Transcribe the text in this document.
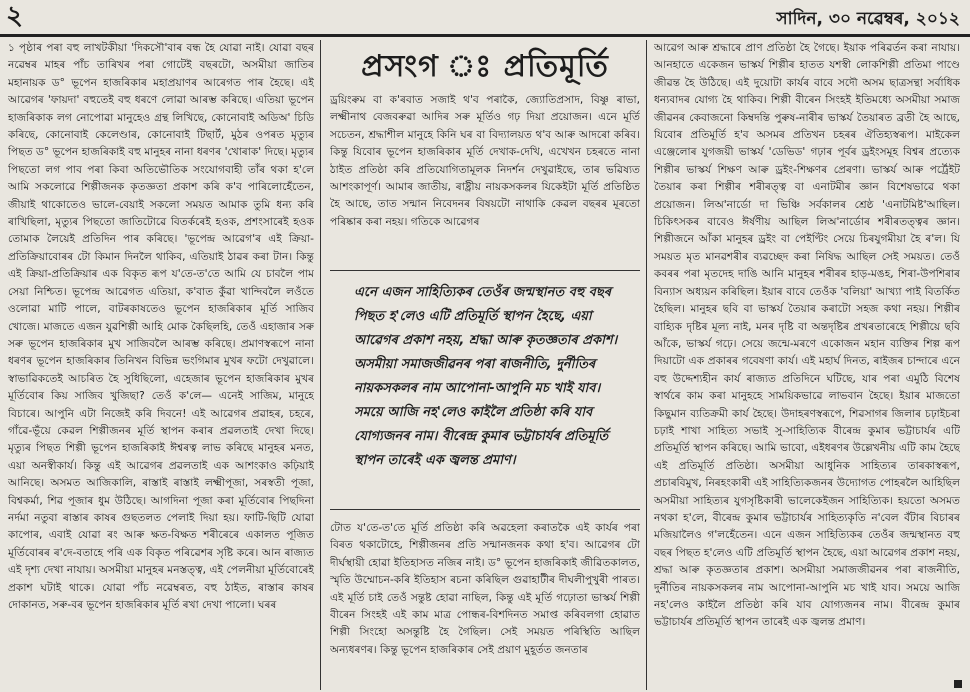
২	সাদিন, ৩০ নৱেম্বৰ, ২০১২

১ পৃষ্ঠাৰ পৰা বহু লাখটকীয়া 'দিকসৌ'বাৰ বন্ধ হৈ যোৱা নাই। যোৱা বছৰ নৱেম্বৰ মাহৰ পাঁচ তাৰিখৰ পৰা গোটেই বছৰটো, অসমীয়া জাতিৰ মহানায়ক ড° ভূপেন হাজৰিকাৰ মহাপ্ৰয়াণৰ আৰেগত পাৰ হৈছে। এই আৱেগৰ 'ফায়দা' বহুতেই বহু ধৰণে লোৱা আৰম্ভ কৰিছে। এতিয়া ভূপেন হাজৰিকাক লগ নোপোৱা মানুহেও গ্ৰন্থ লিখিছে, কোনোবাই অডিঅ' চিডি কৰিছে, কোনোবাই কেলেণ্ডাৰ, কোনোবাই টিছাৰ্ট, মুঠৰ ওপৰত মৃত্যুৰ পিছত ড° ভূপেন হাজৰিকাই বহু মানুহৰ নানা ধৰণৰ 'খোৰাক' দিছে। মৃত্যুৰ পিছতো লগ পাব পৰা কিবা অতিভৌতিক সংযোগবাহী তাঁৰ থকা হ'লে আমি সকলোৱে শিল্পীজনক কৃতজ্ঞতা প্ৰকাশ কৰি ক'ব পাৰিলোহেঁতেন, জীয়াই থাকোতেও ভালে-বেয়াই সকলো সময়ত আমাক তুমি ধন্য কৰি ৰাখিছিলা, মৃত্যুৰ পিছতো জাতিটোৱে বিতৰ্কৰেই হওক, প্ৰশংসাৰেই হওক তোমাক লৈয়েই প্ৰতিদিন পাৰ কৰিছে। 'ভূপেন্দ্ৰ আৱেগ'ৰ এই ক্ৰিয়া-প্ৰতিক্ৰিয়াবোৰৰ টো কিমান দিনলৈ থাকিব, এতিয়াই ঠাৱৰ কৰা টান। কিন্তু এই ক্ৰিয়া-প্ৰতিক্ৰিয়াৰ এক বিকৃত ৰূপ য'তে-ত'তে আমি যে চাবলৈ পাম সেয়া নিশ্চিত। ভূপেন্দ্ৰ আৱেগত এতিয়া, ক'বাত কুঁৱা খান্দিবলৈ লওঁতে ওলোৱা মাটি পালে, বাটৰকাষতেও ভূপেন হাজৰিকাৰ মূৰ্তি সাজিব খোজে। মাজতে এজন যুৱশিল্পী আহি মোক কৈছিলহি, তেওঁ এহাজাৰ সৰু সৰু ভূপেন হাজৰিকাৰ মুখ সাজিবলৈ আৰম্ভ কৰিছে। প্ৰমাণস্বৰূপে নানা ধৰণৰ ভূপেন হাজৰিকাৰ তিনিখন বিভিন্ন ভংগিমাৰ মুখৰ ফটো দেখুৱালে। স্বাভাৱিকতেই আচৰিত হৈ সুধিছিলো, এহেজাৰ ভূপেন হাজৰিকাৰ মুখৰ মূৰ্তিবোৰ কিয় সাজিব খুজিছা? তেওঁ ক'লে— এনেই সাজিম, মানুহে বিচাৰে। আপুনি এটা নিজেই কৰি দিবনে! এই আৱেগৰ প্ৰৱাহৰ, চহৰে, গাঁৱে-ভূঁয়ে কেৱল শিল্পীজনৰ মূৰ্তি স্থাপন কৰাৰ প্ৰৱলতাই দেখা দিছে। মৃত্যুৰ পিছত শিল্পী ভূপেন হাজৰিকাই ঈশ্বৰত্ব লাভ কৰিছে মানুহৰ মনত, এয়া অনস্বীকাৰ্য। কিন্তু এই আৱেগৰ প্ৰৱলতাই এক আশংকাও কঢ়িয়াই আনিছে। অসমত আজিকালি, ৰাস্তাই ৰাস্তাই লক্ষ্মীপূজা, সৰস্বতী পূজা, বিশ্বকৰ্মা, শিৱ পূজাৰ ধুম উঠিছে। আগদিনা পূজা কৰা মূৰ্তিবোৰ পিছদিনা নৰ্দমা নতুবা ৰাস্তাৰ কাষৰ গুছতলত পেলাই দিয়া হয়। ফাটি-ছিটি যোৱা কাপোৰ, এবাই যোৱা ৰং আৰু ক্ষত-বিক্ষত শৰীৰেৰে একালত পূজিত মূৰ্তিবোৰৰ ৰ'দে-বতাহে পৰি এক বিকৃত পৰিৱেশৰ সৃষ্টি কৰে। আন ৰাজ্যত এই দৃশ্য দেখা নাযায়। অসমীয়া মানুহৰ মনস্তত্ত্ব, এই পেলনীয়া মূৰ্তিবোৰেই প্ৰকাশ ঘটাই থাকে। যোৱা পাঁচ নৱেম্বৰত, বহু ঠাইত, ৰাস্তাৰ কাষৰ দোকানত, সৰু-বৰ ভূপেন হাজৰিকাৰ মূৰ্তি ৰখা দেখা পালো। ঘৰৰ

প্ৰসংগ ঃ প্ৰতিমূৰ্তি

ড্ৰয়িংৰুম বা ক'ৰবাত সজাই থ'ব পৰাকৈ, জ্যোতিপ্ৰসাদ, বিষ্ণু ৰাভা, লক্ষ্মীনাথ বেজবৰুৱা আদিৰ সৰু মূৰ্তিও গঢ় দিয়া প্ৰয়োজন। এনে মূৰ্তি সচেতন, শ্ৰদ্ধাশীল মানুহে কিনি ঘৰ বা বিদ্যালয়ত থ'ব আৰু আদৰো কৰিব। কিন্তু যিবোৰ ভূপেন হাজৰিকাৰ মূৰ্তি দেখাক-দেখি, এখেখন চহৰতে নানা ঠাইত প্ৰতিষ্ঠা কৰি প্ৰতিযোগিতামূলক নিদৰ্শন দেখুৱাইছে, তাৰ ভৱিষ্যত আশংকাপূৰ্ণ। আমাৰ জাতীয়, ৰাষ্ট্ৰীয় নায়কসকলৰ যিকেইটা মূৰ্তি প্ৰতিষ্ঠিত হৈ আছে, তাত সন্মান নিবেদনৰ বিষয়টো নাথাকি কেৱল বছৰৰ মূৰতো পৰিষ্কাৰ কৰা নহয়। গতিকে আৱেগৰ

এনে এজন সাহিত্যিকৰ তেওঁৰ জন্মস্থানত বহু বছৰ পিছত হ'লেও এটি প্ৰতিমূৰ্তি স্থাপন হৈছে, এয়া আৱেগৰ প্ৰকাশ নহয়, শ্ৰদ্ধা আৰু কৃতজ্ঞতাৰ প্ৰকাশ। অসমীয়া সমাজজীৱনৰ পৰা ৰাজনীতি, দুৰ্নীতিৰ নায়কসকলৰ নাম আপোনা-আপুনি মচ খাই যাব। সময়ে আজি নহ'লেও কাইলৈ প্ৰতিষ্ঠা কৰি যাব যোগ্যজনৰ নাম। বীৰেন্দ্ৰ কুমাৰ ভট্টাচাৰ্যৰ প্ৰতিমূৰ্তি স্থাপন তাৰেই এক জ্বলন্ত প্ৰমাণ।

টোত য'তে-ত'তে মূৰ্তি প্ৰতিষ্ঠা কৰি অৱহেলা কৰাতকৈ এই কাৰ্যৰ পৰা বিৰত থকাটোহে, শিল্পীজনৰ প্ৰতি সন্মানজনক কথা হ'ব। আৱেগৰ টো দীৰ্ঘস্থায়ী হোৱা ইতিহাসত নজিৰ নাই। ড° ভূপেন হাজৰিকাই জীৱিতকালত, স্মৃতি উম্মোচন-কৰি ইতিহাস ৰচনা কৰিছিল গুৱাহাটীৰ দীঘলীপুখুৰী পাৰত। এই মূৰ্তি চাই তেওঁ সন্তুষ্ট হোৱা নাছিল, কিন্তু এই মূৰ্তি গঢ়োতা ভাস্কৰ্য শিল্পী বীৰেন সিংহই এই কাম মাত্ৰ পোন্ধৰ-বিশদিনত সমাপ্ত কৰিবলগা হোৱাত শিল্পী সিংহো অসন্তুষ্টি হৈ গৈছিল। সেই সময়ত পৰিস্থিতি আছিল অন্যধৰণৰ। কিন্তু ভূপেন হাজৰিকাৰ সেই প্ৰয়াণ মুহূৰ্তত জনতাৰ

আৱেগ আৰু শ্ৰদ্ধাৰে প্ৰাণ প্ৰতিষ্ঠা হৈ গৈছে। ইয়াক পৰিৱৰ্তন কৰা নাযায়। আনহাতে একেজন ভাস্কৰ্য শিল্পীৰ হাতত যশস্বী লোকশিল্পী প্ৰতিমা পাণ্ডে জীৱন্ত হৈ উঠিছে। এই দুয়োটা কাৰ্যৰ বাবে সদৌ অসম ছাত্ৰসন্থা সৰ্বাধিক ধন্যবাদৰ যোগ্য হৈ থাকিব। শিল্পী বীৰেন সিংহই ইতিমধ্যে অসমীয়া সমাজ জীৱনৰ কেবাজনো কিম্বদন্তি পুৰুষ-নাৰীৰ ভাস্কৰ্য তৈয়াৰত ব্ৰতী হৈ আছে, যিবোৰ প্ৰতিমূৰ্তি হ'ব অসমৰ প্ৰতিখন চহৰৰ ঐতিহ্যস্বৰূপ। মাইকেল এঞ্জেলোৰ যুগজয়ী ভাস্কৰ্য 'ডেভিড' গঢ়াৰ পূৰ্বৰ ড্ৰইংসমূহ বিশ্বৰ প্ৰত্যেক শিল্পীৰ ভাস্কৰ্য শিক্ষণ আৰু ড্ৰইং-শিক্ষণৰ প্ৰেৰণা। ভাস্কৰ্য আৰু পৰ্ট্ৰেইট তৈয়াৰ কৰা শিল্পীৰ শৰীৰত্ত্ব বা এনাটমীৰ জ্ঞান বিশেষভাৱে থকা প্ৰয়োজন। লিঅ'নাৰ্ডো দা ভিঞ্চি সৰ্বকালৰ শ্ৰেষ্ঠ 'এনাটমিষ্ট'আছিল। চিকিৎসকৰ বাবেও ঈৰ্ষণীয় আছিল লিঅ'নাৰ্ডোৰ শৰীৰতত্ত্বৰ জ্ঞান। শিল্পীজনে আঁকা মানুহৰ ড্ৰইং বা পেইণ্টিং সেয়ে চিৰযুগমীয়া হৈ ৰ'ল। যি সময়ত মৃত মানৱশৰীৰ ব্যৱচ্ছেদ কৰা নিষিদ্ধ আছিল সেই সময়ত। তেওঁ কবৰৰ পৰা মৃতদেহ দাঙি আনি মানুহৰ শৰীৰৰ হাড়-মঙহ, শিৰা-উপশিৰাৰ বিন্যাস অধ্যয়ন কৰিছিল। ইয়াৰ বাবে তেওঁক 'বলিয়া' আখ্যা পাই বিতৰ্কিত হৈছিল। মানুহৰ ছবি বা ভাস্কৰ্য তৈয়াৰ কৰাটো সহজ কথা নহয়। শিল্পীৰ বাহ্যিক দৃষ্টিৰ মূল্য নাই, মনৰ দৃষ্টি বা অন্তদৃষ্টিৰ প্ৰখৰতাৰেহে শিল্পীয়ে ছবি আঁকে, ভাস্কৰ্য গঢ়ে। সেয়ে জন্মে-মৰণে একোজন মহান ব্যক্তিৰ শিল্প ৰূপ দিয়াটো এক প্ৰকাৰৰ গবেষণা কাৰ্য। এই মহাৰ্ঘ দিনত, ৰাইজৰ চান্দাৰে এনে বহু উদ্দেশ্যহীন কাৰ্য ৰাজ্যত প্ৰতিদিনে ঘটিছে, যাৰ পৰা এমুঠি বিশেষ স্বাৰ্থৰে কাম কৰা মানুহহে সাময়িকভাৱে লাভবান হৈছে। ইয়াৰ মাজতো কিছুমান ব্যতিক্ৰমী কাৰ্য হৈছে। উদাহৰণস্বৰূপে, শিৱসাগৰ জিলাৰ চঢ়াইচৰা চঢ়াই শাখা সাহিত্য সভাই সু-সাহিত্যিক বীৰেন্দ্ৰ কুমাৰ ভট্টাচাৰ্যৰ এটি প্ৰতিমূৰ্তি স্থাপন কৰিছে। আমি ভাবো, এইধৰণৰ উল্লেখনীয় এটি কাম হৈছে এই প্ৰতিমূৰ্তি প্ৰতিষ্ঠা। অসমীয়া আধুনিক সাহিত্যৰ তাৰকাস্বৰূপ, প্ৰচাৰবিমুখ, নিৰহংকাৰী এই সাহিত্যিকজনৰ উদ্যোগত পোহৰলৈ আহিছিল অসমীয়া সাহিত্যৰ যুগসৃষ্টিকাৰী ভালেকেইজন সাহিত্যিক। হয়তো অসমত নথকা হ'লে, বীৰেন্দ্ৰ কুমাৰ ভট্টাচাৰ্যৰ সাহিত্যকৃতি ন'বেল বঁটাৰ বিচাৰৰ মজিয়ালৈও গ'লহেঁতেন। এনে এজন সাহিত্যিকৰ তেওঁৰ জন্মস্থানত বহু বছৰ পিছত হ'লেও এটি প্ৰতিমূৰ্তি স্থাপন হৈছে, এয়া আৱেগৰ প্ৰকাশ নহয়, শ্ৰদ্ধা আৰু কৃতজ্ঞতাৰ প্ৰকাশ। অসমীয়া সমাজজীৱনৰ পৰা ৰাজনীতি, দুৰ্নীতিৰ নায়কসকলৰ নাম আপোনা-আপুনি মচ খাই যাব। সময়ে আজি নহ'লেও কাইলৈ প্ৰতিষ্ঠা কৰি যাব যোগ্যজনৰ নাম। বীৰেন্দ্ৰ কুমাৰ ভট্টাচাৰ্যৰ প্ৰতিমূৰ্তি স্থাপন তাৰেই এক জ্বলন্ত প্ৰমাণ।
